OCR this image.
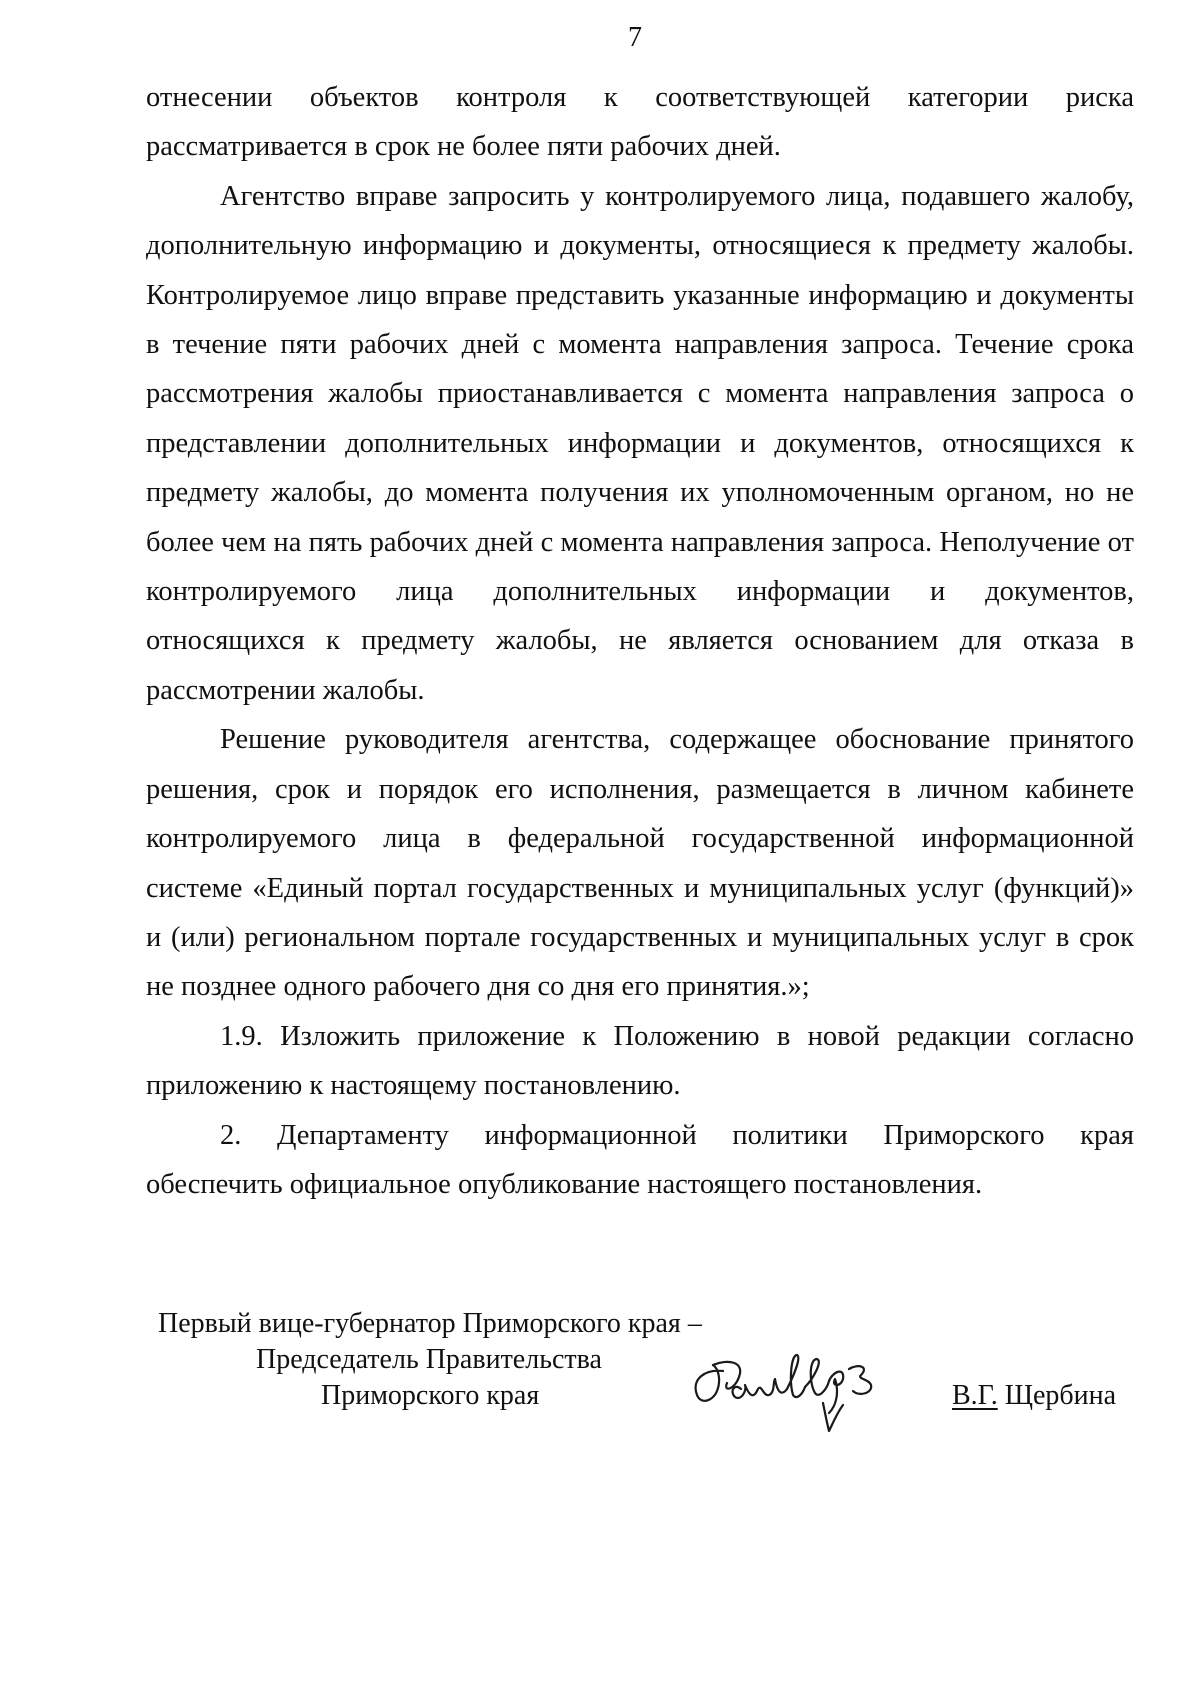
7

отнесении объектов контроля к соответствующей категории риска рассматривается в срок не более пяти рабочих дней.

Агентство вправе запросить у контролируемого лица, подавшего жалобу, дополнительную информацию и документы, относящиеся к предмету жалобы. Контролируемое лицо вправе представить указанные информацию и документы в течение пяти рабочих дней с момента направления запроса. Течение срока рассмотрения жалобы приостанавливается с момента направления запроса о представлении дополнительных информации и документов, относящихся к предмету жалобы, до момента получения их уполномоченным органом, но не более чем на пять рабочих дней с момента направления запроса. Неполучение от контролируемого лица дополнительных информации и документов, относящихся к предмету жалобы, не является основанием для отказа в рассмотрении жалобы.

Решение руководителя агентства, содержащее обоснование принятого решения, срок и порядок его исполнения, размещается в личном кабинете контролируемого лица в федеральной государственной информационной системе «Единый портал государственных и муниципальных услуг (функций)» и (или) региональном портале государственных и муниципальных услуг в срок не позднее одного рабочего дня со дня его принятия.»;

1.9. Изложить приложение к Положению в новой редакции согласно приложению к настоящему постановлению.

2. Департаменту информационной политики Приморского края обеспечить официальное опубликование настоящего постановления.

Первый вице-губернатор Приморского края –
Председатель Правительства
Приморского края	В.Г. Щербина
